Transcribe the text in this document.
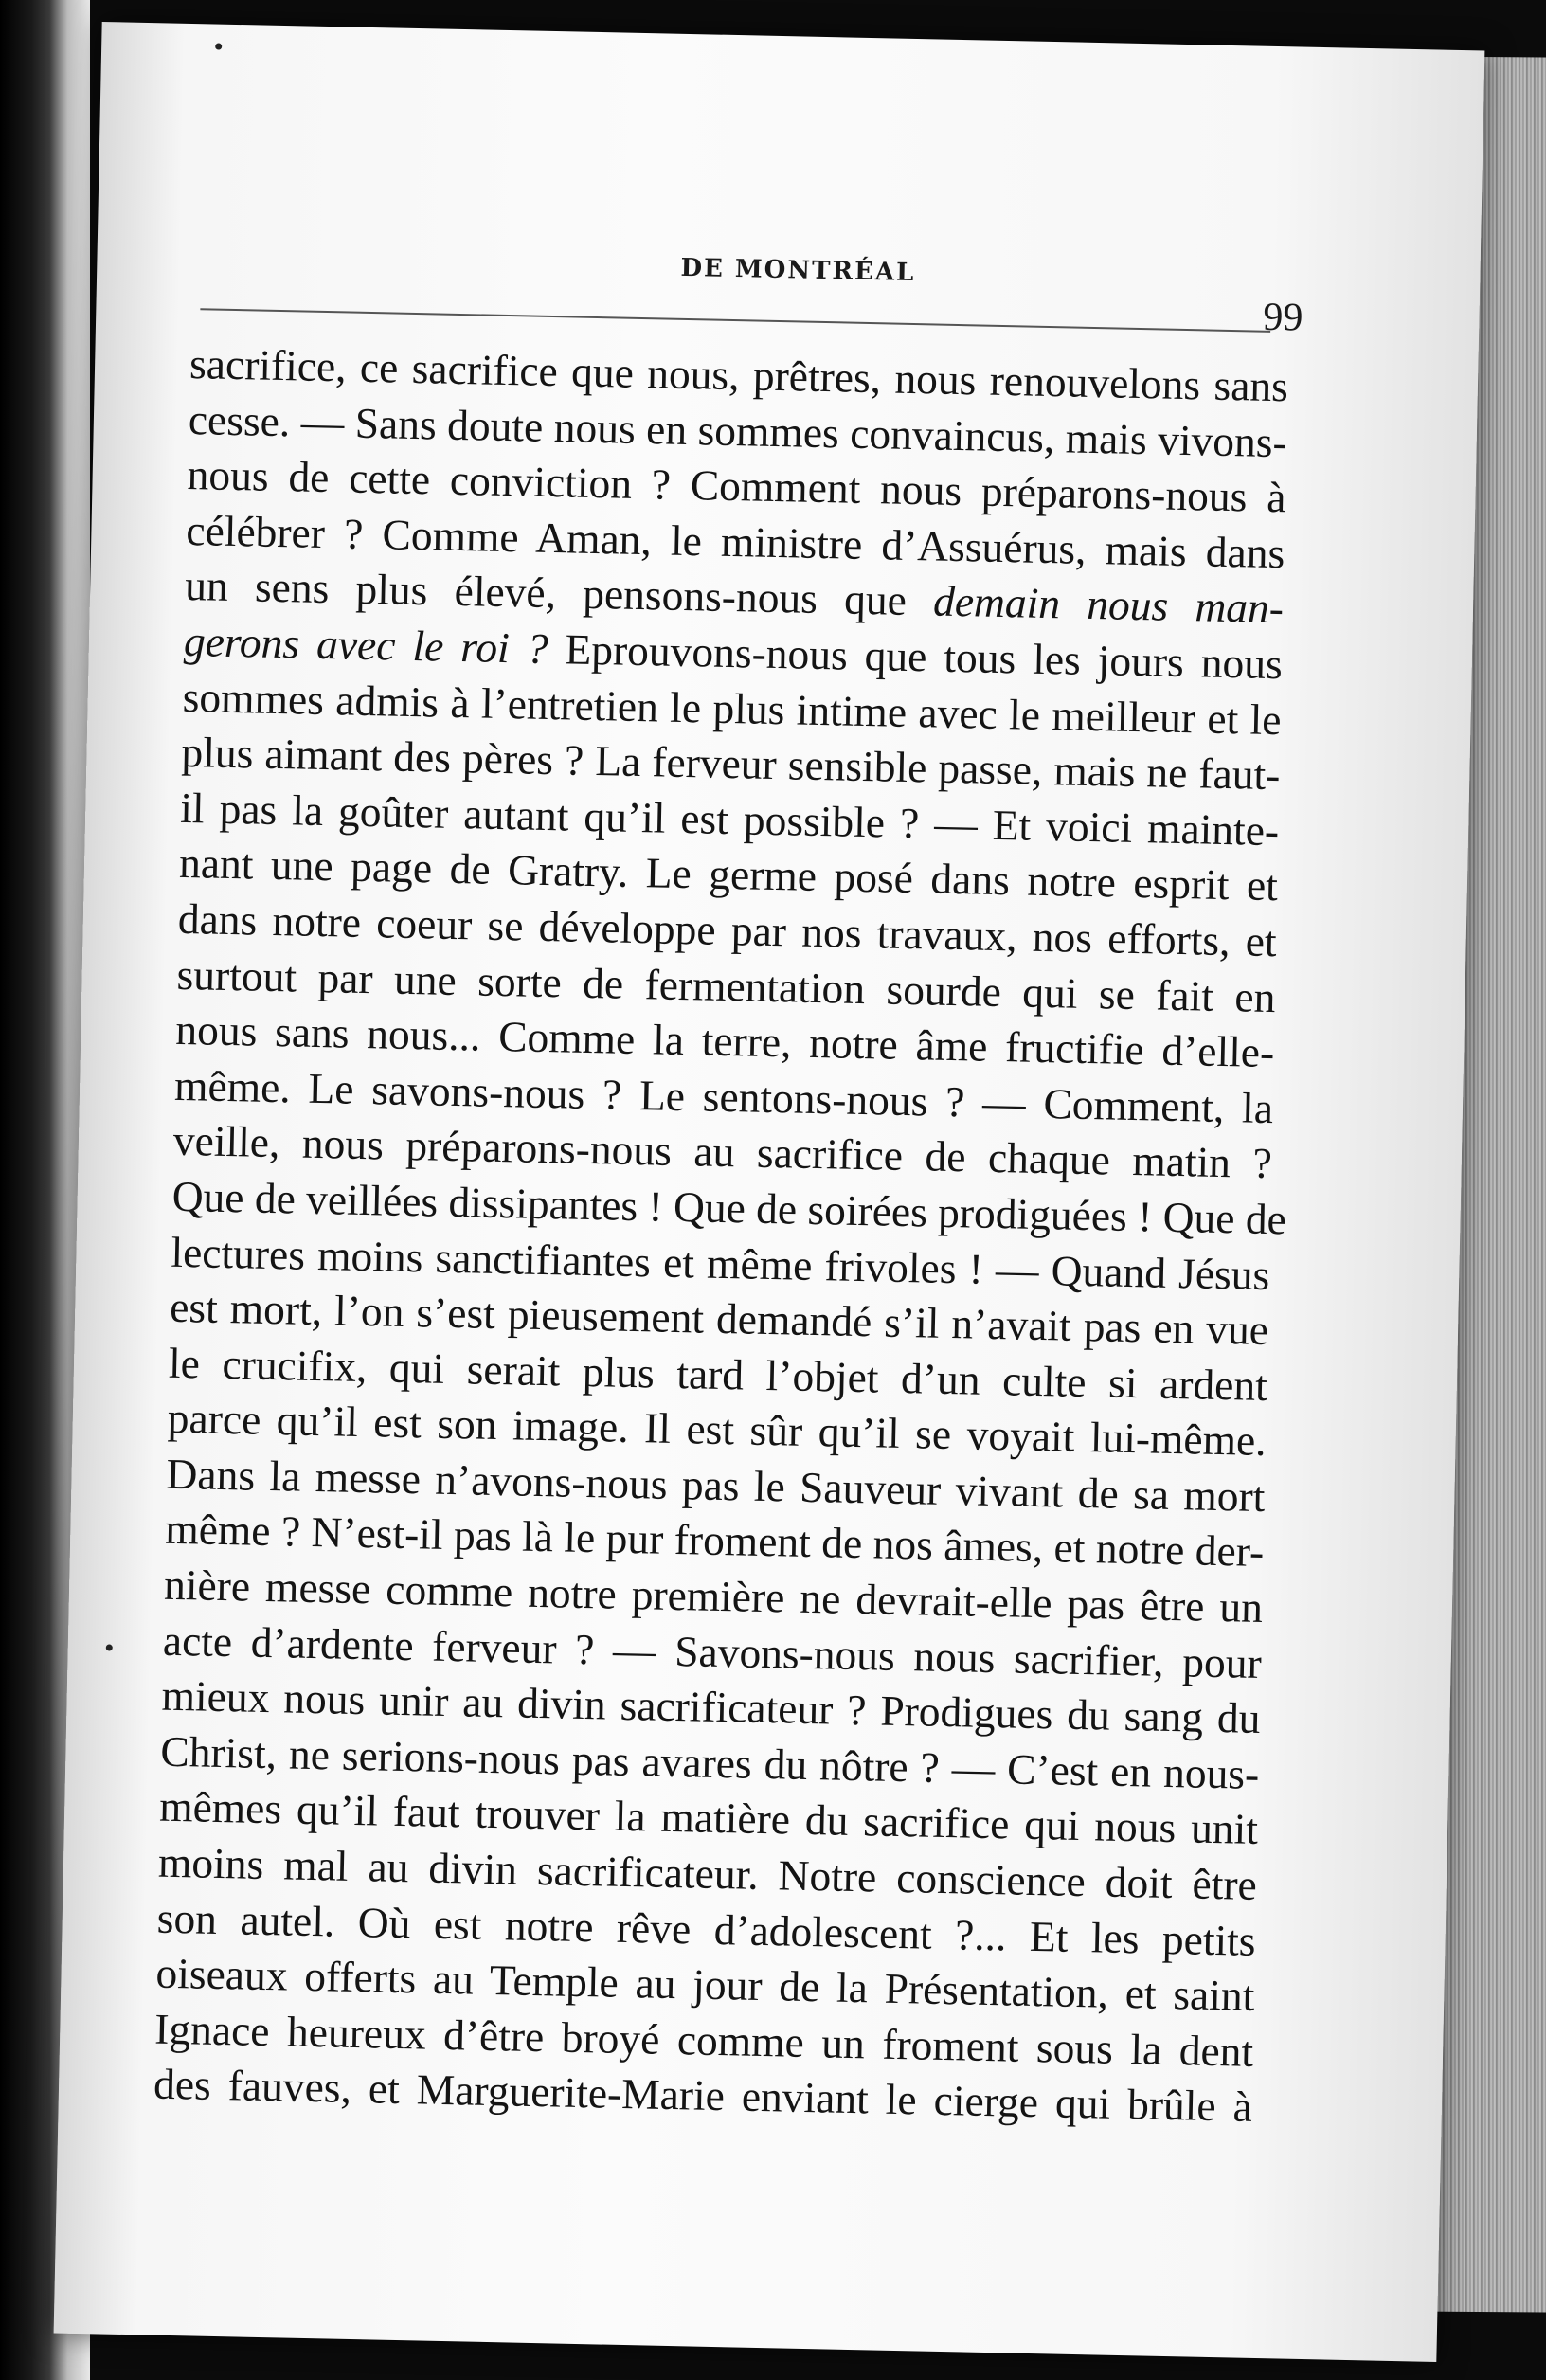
DE MONTRÉAL
99
sacrifice, ce sacrifice que nous, prêtres, nous renouvelons sans
cesse. — Sans doute nous en sommes convaincus, mais vivons-
nous de cette conviction ? Comment nous préparons-nous à
célébrer ? Comme Aman, le ministre d’Assuérus, mais dans
un sens plus élevé, pensons-nous que demain nous man-
gerons avec le roi ? Eprouvons-nous que tous les jours nous
sommes admis à l’entretien le plus intime avec le meilleur et le
plus aimant des pères ? La ferveur sensible passe, mais ne faut-
il pas la goûter autant qu’il est possible ? — Et voici mainte-
nant une page de Gratry. Le germe posé dans notre esprit et
dans notre coeur se développe par nos travaux, nos efforts, et
surtout par une sorte de fermentation sourde qui se fait en
nous sans nous... Comme la terre, notre âme fructifie d’elle-
même. Le savons-nous ? Le sentons-nous ? — Comment, la
veille, nous préparons-nous au sacrifice de chaque matin ?
Que de veillées dissipantes ! Que de soirées prodiguées ! Que de
lectures moins sanctifiantes et même frivoles ! — Quand Jésus
est mort, l’on s’est pieusement demandé s’il n’avait pas en vue
le crucifix, qui serait plus tard l’objet d’un culte si ardent
parce qu’il est son image. Il est sûr qu’il se voyait lui-même.
Dans la messe n’avons-nous pas le Sauveur vivant de sa mort
même ? N’est-il pas là le pur froment de nos âmes, et notre der-
nière messe comme notre première ne devrait-elle pas être un
acte d’ardente ferveur ? — Savons-nous nous sacrifier, pour
mieux nous unir au divin sacrificateur ? Prodigues du sang du
Christ, ne serions-nous pas avares du nôtre ? — C’est en nous-
mêmes qu’il faut trouver la matière du sacrifice qui nous unit
moins mal au divin sacrificateur. Notre conscience doit être
son autel. Où est notre rêve d’adolescent ?... Et les petits
oiseaux offerts au Temple au jour de la Présentation, et saint
Ignace heureux d’être broyé comme un froment sous la dent
des fauves, et Marguerite-Marie enviant le cierge qui brûle à
